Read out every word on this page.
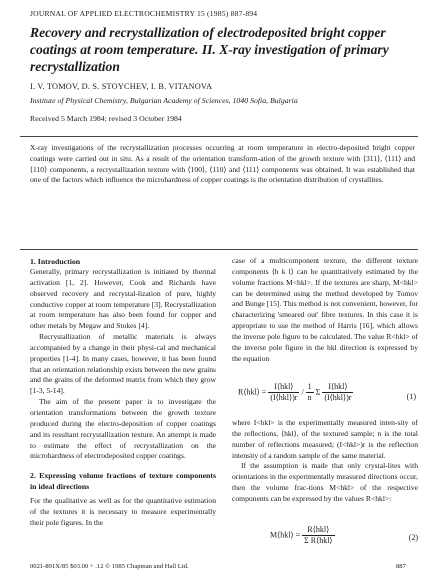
JOURNAL OF APPLIED ELECTROCHEMISTRY 15 (1985) 887-894
Recovery and recrystallization of electrodeposited bright copper coatings at room temperature. II. X-ray investigation of primary recrystallization
I. V. TOMOV, D. S. STOYCHEV, I. B. VITANOVA
Institute of Physical Chemistry, Bulgarian Academy of Sciences, 1040 Sofia, Bulgaria
Received 5 March 1984; revised 3 October 1984
X-ray investigations of the recrystallization processes occurring at room temperature in electro-deposited bright copper coatings were carried out in situ. As a result of the orientation transform-ation of the growth texture with ⟨311⟩, ⟨111⟩ and ⟨110⟩ components, a recrystallization texture with ⟨100⟩, ⟨110⟩ and ⟨111⟩ components was obtained. It was established that one of the factors which influence the microhardness of copper coatings is the orientation distribution of crystallites.
1. Introduction

Generally, primary recrystallization is initiated by thermal activation [1, 2]. However, Cook and Richards have observed recovery and recrystal-lization of pure, highly conductive copper at room temperature [3]. Recrystallization at room temperature has also been found for copper and other metals by Megaw and Stokes [4].

Recrystallization of metallic materials is always accompanied by a change in their physi-cal and mechanical properties [1-4]. In many cases, however, it has been found that an orientation relationship exists between the new grains and the grains of the deformed matrix from which they grow [1-3, 5-14].

The aim of the present paper is to investigate the orientation transformations between the growth texture produced during the electro-deposition of copper coatings and its resultant recrystallization texture. An attempt is made to estimate the effect of recrystallization on the microhardness of electrodeposited copper coatings.

2. Expressing volume fractions of texture components in ideal directions

For the qualitative as well as for the quantitative estimation of the textures it is necessary to measure experimentally their pole figures. In the

case of a multicomponent texture, the different texture components ⟨h k l⟩ can be quantitatively estimated by the volume fractions M<hkl>. If the textures are sharp, M<hkl> can be determined using the method developed by Tomov and Bunge [15]. This method is not convenient, however, for characterizing 'smeared out' fibre textures. In this case it is appropriate to use the method of Harris [16], which allows the inverse pole figure to be calculated. The value R<hkl> of the inverse pole figure in the hkl direction is expressed by the equation

R⟨hkl⟩ = $\frac{\text{I⟨hkl⟩}}{\text{(I⟨hkl⟩)r}} / \frac{1}{n}$ Σ $\frac{\text{I⟨hkl⟩}}{\text{(I⟨hkl⟩)r}}$	(1)

where I<hkl> is the experimentally measured inten-sity of the reflections, ⟨hkl⟩, of the textured sample; n is the total number of reflections measured; (I<hkl>)r is the reflection intensity of a random sample of the same material.

If the assumption is made that only crystal-lites with orientations in the experimentally measured directions occur, then the volume frac-tions M<hkl> of the respective components can be expressed by the values R<hkl>:

M⟨hkl⟩ = $\frac{\text{R⟨hkl⟩}}{\text{Σ R⟨hkl⟩}}$	(2)
0021-891X/85 $03.00 + .12 © 1985 Chapman and Hall Ltd.	887
